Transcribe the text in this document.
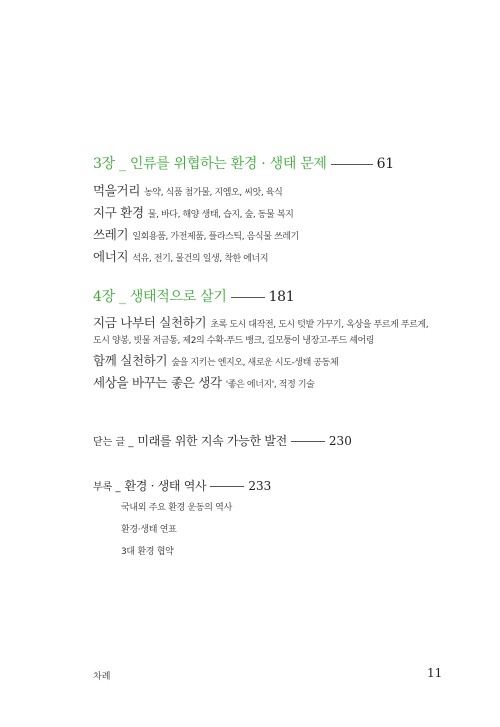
3장 _ 인류를 위협하는 환경 · 생태 문제	61
먹을거리 농약, 식품 첨가물, 지엠오, 씨앗, 육식
지구 환경 물, 바다, 해양 생태, 습지, 숲, 동물 복지
쓰레기 일회용품, 가전제품, 플라스틱, 음식물 쓰레기
에너지 석유, 전기, 물건의 일생, 착한 에너지
4장 _ 생태적으로 살기	181
지금 나부터 실천하기 초록 도시 대작전, 도시 텃밭 가꾸기, 옥상을 푸르게 푸르게,
도시 양봉, 빗물 저금통, 제2의 수확-푸드 뱅크, 길모퉁이 냉장고-푸드 셰어링
함께 실천하기 숲을 지키는 엔지오, 새로운 시도-생태 공동체
세상을 바꾸는 좋은 생각 '좋은 에너지', 적정 기술
닫는 글 _ 미래를 위한 지속 가능한 발전	230
부록 _ 환경 · 생태 역사	233
국내외 주요 환경 운동의 역사
환경·생태 연표
3대 환경 협약
차례	11
